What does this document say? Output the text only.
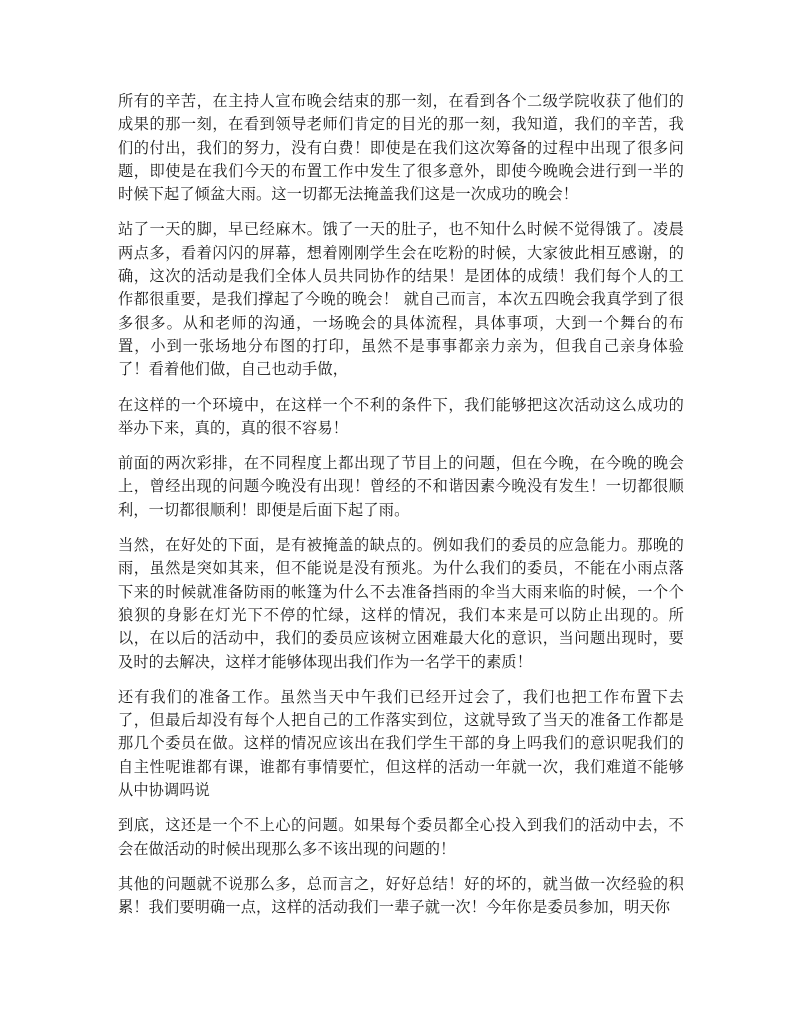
所有的辛苦，在主持人宣布晚会结束的那一刻，在看到各个二级学院收获了他们的成果的那一刻，在看到领导老师们肯定的目光的那一刻，我知道，我们的辛苦，我们的付出，我们的努力，没有白费！即使是在我们这次筹备的过程中出现了很多问题，即使是在我们今天的布置工作中发生了很多意外，即使今晚晚会进行到一半的时候下起了倾盆大雨。这一切都无法掩盖我们这是一次成功的晚会！

站了一天的脚，早已经麻木。饿了一天的肚子，也不知什么时候不觉得饿了。凌晨两点多，看着闪闪的屏幕，想着刚刚学生会在吃粉的时候，大家彼此相互感谢，的确，这次的活动是我们全体人员共同协作的结果！是团体的成绩！我们每个人的工作都很重要，是我们撑起了今晚的晚会！ 就自己而言，本次五四晚会我真学到了很多很多。从和老师的沟通，一场晚会的具体流程，具体事项，大到一个舞台的布置，小到一张场地分布图的打印，虽然不是事事都亲力亲为，但我自己亲身体验了！看着他们做，自己也动手做，

在这样的一个环境中，在这样一个不利的条件下，我们能够把这次活动这么成功的举办下来，真的，真的很不容易！

前面的两次彩排，在不同程度上都出现了节目上的问题，但在今晚，在今晚的晚会上，曾经出现的问题今晚没有出现！曾经的不和谐因素今晚没有发生！一切都很顺利，一切都很顺利！即便是后面下起了雨。

当然，在好处的下面，是有被掩盖的缺点的。例如我们的委员的应急能力。那晚的雨，虽然是突如其来，但不能说是没有预兆。为什么我们的委员，不能在小雨点落下来的时候就准备防雨的帐篷为什么不去准备挡雨的伞当大雨来临的时候，一个个狼狈的身影在灯光下不停的忙绿，这样的情况，我们本来是可以防止出现的。所以，在以后的活动中，我们的委员应该树立困难最大化的意识，当问题出现时，要及时的去解决，这样才能够体现出我们作为一名学干的素质！

还有我们的准备工作。虽然当天中午我们已经开过会了，我们也把工作布置下去了，但最后却没有每个人把自己的工作落实到位，这就导致了当天的准备工作都是那几个委员在做。这样的情况应该出在我们学生干部的身上吗我们的意识呢我们的自主性呢谁都有课，谁都有事情要忙，但这样的活动一年就一次，我们难道不能够从中协调吗说

到底，这还是一个不上心的问题。如果每个委员都全心投入到我们的活动中去，不会在做活动的时候出现那么多不该出现的问题的！

其他的问题就不说那么多，总而言之，好好总结！好的坏的，就当做一次经验的积累！我们要明确一点，这样的活动我们一辈子就一次！今年你是委员参加，明天你
